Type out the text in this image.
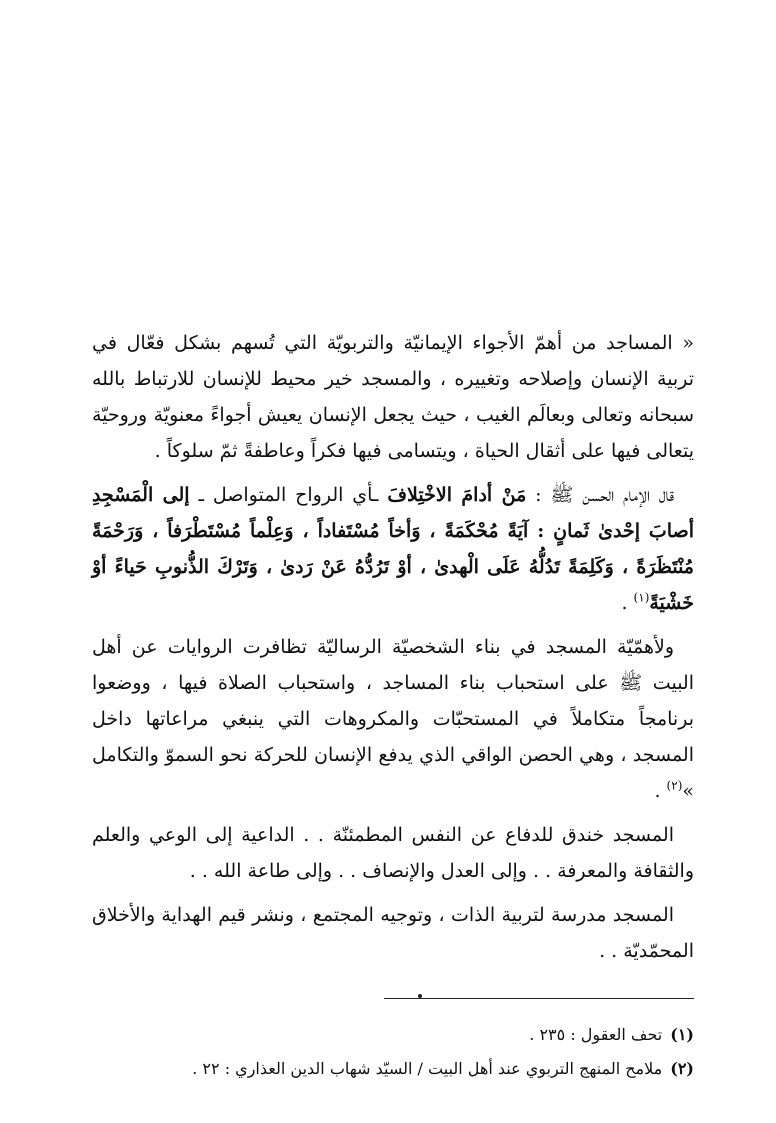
« المساجد من أهمّ الأجواء الإيمانيّة والتربويّة التي تُسهم بشكل فعّال في تربية الإنسان وإصلاحه وتغييره ، والمسجد خير محيط للإنسان للارتباط بالله سبحانه وتعالى وبعالَم الغيب ، حيث يجعل الإنسان يعيش أجواءً معنويّة وروحيّة يتعالى فيها على أثقال الحياة ، ويتسامى فيها فكراً وعاطفةً ثمّ سلوكاً .

قال الإمام الحسن ﷺ : مَنْ أدامَ الاخْتِلافَ ـأي الرواح المتواصل ـ إلى الْمَسْجِدِ أصابَ إحْدىٰ ثَمانٍ : آيَةً مُحْكَمَةً ، وَأخاً مُسْتَفاداً ، وَعِلْماً مُسْتَطْرَفاً ، وَرَحْمَةً مُنْتَظَرَةً ، وَكَلِمَةً تَدُلُّهُ عَلَى الْهدىٰ ، أوْ تَرُدُّهُ عَنْ رَدىٰ ، وَتَرْكَ الذُّنوبِ حَياءً أوْ خَشْيَةً$^{(١)}$ .

ولأهمّيّة المسجد في بناء الشخصيّة الرساليّة تظافرت الروايات عن أهل البيت ﷺ على استحباب بناء المساجد ، واستحباب الصلاة فيها ، ووضعوا برنامجاً متكاملاً في المستحبّات والمكروهات التي ينبغي مراعاتها داخل المسجد ، وهي الحصن الواقي الذي يدفع الإنسان للحركة نحو السموّ والتكامل »$^{(٢)}$ .

المسجد خندق للدفاع عن النفس المطمئنّة . . الداعية إلى الوعي والعلم والثقافة والمعرفة . . وإلى العدل والإنصاف . . وإلى طاعة الله . .

المسجد مدرسة لتربية الذات ، وتوجيه المجتمع ، ونشر قيم الهداية والأخلاق المحمّديّة . .

(١)تحف العقول : ٢٣٥ .

(٢)ملامح المنهج التربوي عند أهل البيت / السيّد شهاب الدين العذاري : ٢٢ .
